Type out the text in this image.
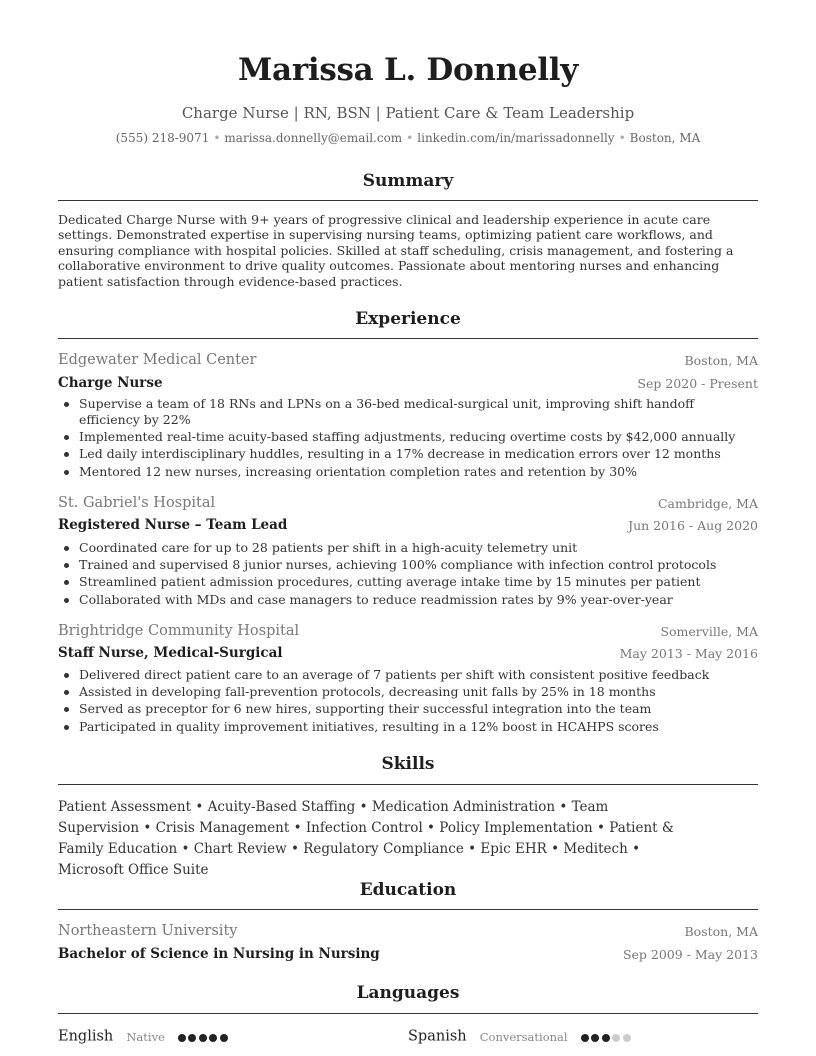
Marissa L. Donnelly
Charge Nurse | RN, BSN | Patient Care & Team Leadership
(555) 218-9071 • marissa.donnelly@email.com • linkedin.com/in/marissadonnelly • Boston, MA
Summary
Dedicated Charge Nurse with 9+ years of progressive clinical and leadership experience in acute care settings. Demonstrated expertise in supervising nursing teams, optimizing patient care workflows, and ensuring compliance with hospital policies. Skilled at staff scheduling, crisis management, and fostering a collaborative environment to drive quality outcomes. Passionate about mentoring nurses and enhancing patient satisfaction through evidence-based practices.
Experience
Edgewater Medical Center	Boston, MA
Charge Nurse	Sep 2020 - Present
Supervise a team of 18 RNs and LPNs on a 36-bed medical-surgical unit, improving shift handoff efficiency by 22%
Implemented real-time acuity-based staffing adjustments, reducing overtime costs by $42,000 annually
Led daily interdisciplinary huddles, resulting in a 17% decrease in medication errors over 12 months
Mentored 12 new nurses, increasing orientation completion rates and retention by 30%
St. Gabriel's Hospital	Cambridge, MA
Registered Nurse – Team Lead	Jun 2016 - Aug 2020
Coordinated care for up to 28 patients per shift in a high-acuity telemetry unit
Trained and supervised 8 junior nurses, achieving 100% compliance with infection control protocols
Streamlined patient admission procedures, cutting average intake time by 15 minutes per patient
Collaborated with MDs and case managers to reduce readmission rates by 9% year-over-year
Brightridge Community Hospital	Somerville, MA
Staff Nurse, Medical-Surgical	May 2013 - May 2016
Delivered direct patient care to an average of 7 patients per shift with consistent positive feedback
Assisted in developing fall-prevention protocols, decreasing unit falls by 25% in 18 months
Served as preceptor for 6 new hires, supporting their successful integration into the team
Participated in quality improvement initiatives, resulting in a 12% boost in HCAHPS scores
Skills
Patient Assessment • Acuity-Based Staffing • Medication Administration • Team Supervision • Crisis Management • Infection Control • Policy Implementation • Patient & Family Education • Chart Review • Regulatory Compliance • Epic EHR • Meditech • Microsoft Office Suite
Education
Northeastern University	Boston, MA
Bachelor of Science in Nursing in Nursing	Sep 2009 - May 2013
Languages
English Native	Spanish Conversational
